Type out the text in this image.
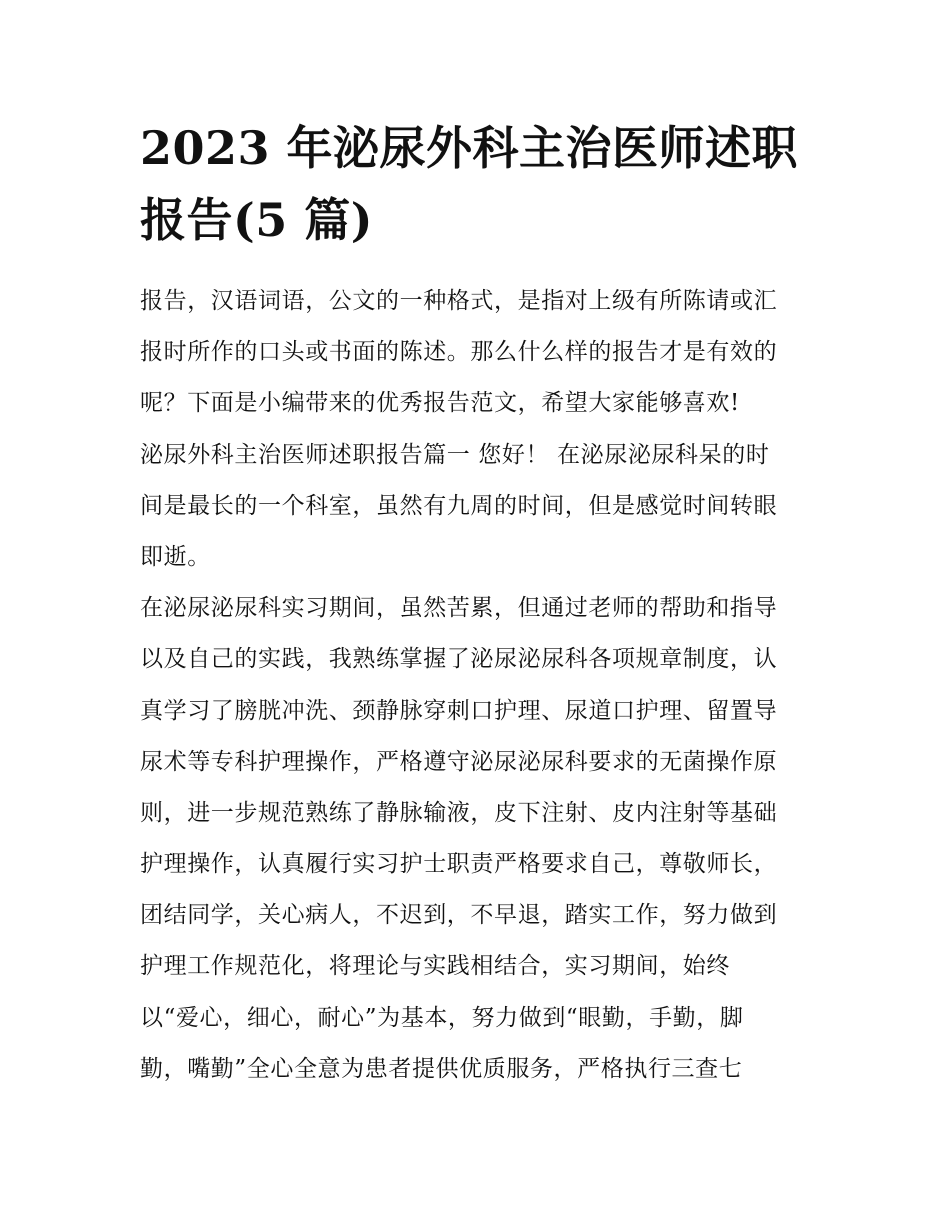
2023 年泌尿外科主治医师述职
报告(5 篇)
报告，汉语词语，公文的一种格式，是指对上级有所陈请或汇
报时所作的口头或书面的陈述。那么什么样的报告才是有效的
呢？下面是小编带来的优秀报告范文，希望大家能够喜欢!
泌尿外科主治医师述职报告篇一 您好！ 在泌尿泌尿科呆的时
间是最长的一个科室，虽然有九周的时间，但是感觉时间转眼
即逝。
在泌尿泌尿科实习期间，虽然苦累，但通过老师的帮助和指导
以及自己的实践，我熟练掌握了泌尿泌尿科各项规章制度，认
真学习了膀胱冲洗、颈静脉穿刺口护理、尿道口护理、留置导
尿术等专科护理操作，严格遵守泌尿泌尿科要求的无菌操作原
则，进一步规范熟练了静脉输液，皮下注射、皮内注射等基础
护理操作，认真履行实习护士职责严格要求自己，尊敬师长，
团结同学，关心病人，不迟到，不早退，踏实工作，努力做到
护理工作规范化，将理论与实践相结合，实习期间，始终
以“爱心，细心，耐心”为基本，努力做到“眼勤，手勤，脚
勤，嘴勤”全心全意为患者提供优质服务，严格执行三查七
